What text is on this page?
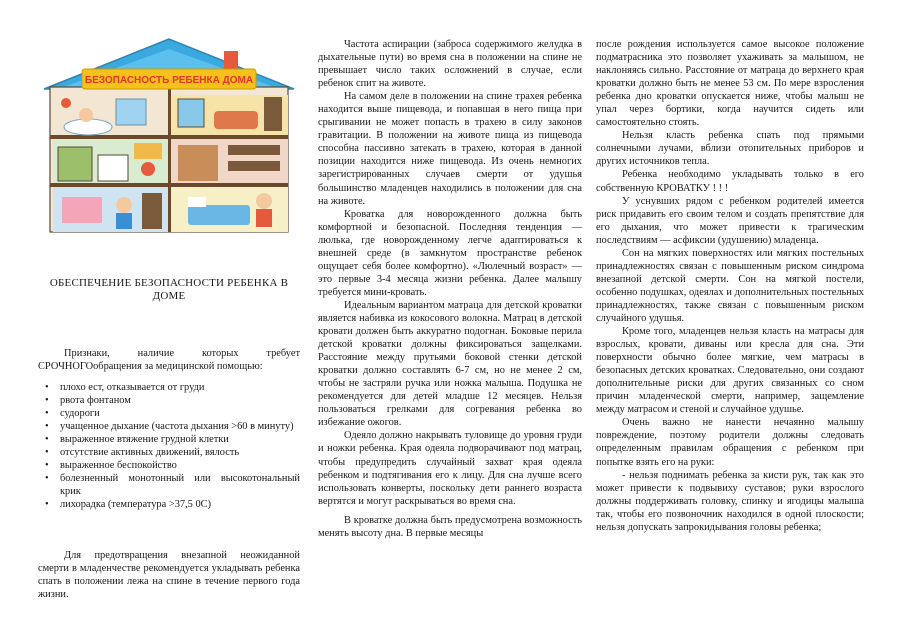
БЕЗОПАСНОСТЬ РЕБЕНКА ДОМА

ОБЕСПЕЧЕНИЕ БЕЗОПАСНОСТИ РЕБЕНКА В ДОМЕ

Признаки, наличие которых требует СРОЧНОГОобращения за медицинской помощью:

• плохо ест, отказывается от груди
• рвота фонтаном
• судороги
• учащенное дыхание (частота дыхания >60 в минуту)
• выраженное втяжение грудной клетки
• отсутствие активных движений, вялость
• выраженное беспокойство
• болезненный монотонный или высокотональный крик
• лихорадка (температура >37,5 0С)

Для предотвращения внезапной неожиданной смерти в младенчестве рекомендуется укладывать ребенка спать в положении лежа на спине в течение первого года жизни.

Частота аспирации (заброса содержимого желудка в дыхательные пути) во время сна в положении на спине не превышает число таких осложнений в случае, если ребенок спит на животе.

На самом деле в положении на спине трахея ребенка находится выше пищевода, и попавшая в него пища при срыгивании не может попасть в трахею в силу законов гравитации. В положении на животе пища из пищевода способна пассивно затекать в трахею, которая в данной позиции находится ниже пищевода. Из очень немногих зарегистрированных случаев смерти от удушья большинство младенцев находились в положении для сна на животе.

Кроватка для новорожденного должна быть комфортной и безопасной. Последняя тенденция — люлька, где новорожденному легче адаптироваться к внешней среде (в замкнутом пространстве ребенок ощущает себя более комфортно). «Люлечный возраст» — это первые 3-4 месяца жизни ребенка. Далее малышу требуется мини-кровать.

Идеальным вариантом матраца для детской кроватки является набивка из кокосового волокна. Матрац в детской кровати должен быть аккуратно подогнан. Боковые перила детской кроватки должны фиксироваться защелками. Расстояние между прутьями боковой стенки детской кроватки должно составлять 6-7 см, но не менее 2 см, чтобы не застряли ручка или ножка малыша. Подушка не рекомендуется для детей младше 12 месяцев. Нельзя пользоваться грелками для согревания ребенка во избежание ожогов.

Одеяло должно накрывать туловище до уровня груди и ножки ребенка. Края одеяла подворачивают под матрац, чтобы предупредить случайный захват края одеяла ребенком и подтягивания его к лицу. Для сна лучше всего использовать конверты, поскольку дети раннего возраста вертятся и могут раскрываться во время сна.

В кроватке должна быть предусмотрена возможность менять высоту дна. В первые месяцы

после рождения используется самое высокое положение подматрасника это позволяет ухаживать за малышом, не наклоняясь сильно. Расстояние от матраца до верхнего края кроватки должно быть не менее 53 см. По мере взросления ребенка дно кроватки опускается ниже, чтобы малыш не упал через бортики, когда научится сидеть или самостоятельно стоять.

Нельзя класть ребенка спать под прямыми солнечными лучами, вблизи отопительных приборов и других источников тепла.

Ребенка необходимо укладывать только в его собственную КРОВАТКУ ! ! !

У уснувших рядом с ребенком родителей имеется риск придавить его своим телом и создать препятствие для его дыхания, что может привести к трагическим последствиям — асфиксии (удушению) младенца.

Сон на мягких поверхностях или мягких постельных принадлежностях связан с повышенным риском синдрома внезапной детской смерти. Сон на мягкой постели, особенно подушках, одеялах и дополнительных постельных принадлежностях, также связан с повышенным риском случайного удушья.

Кроме того, младенцев нельзя класть на матрасы для взрослых, кровати, диваны или кресла для сна. Эти поверхности обычно более мягкие, чем матрасы в безопасных детских кроватках. Следовательно, они создают дополнительные риски для других связанных со сном причин младенческой смерти, например, защемление между матрасом и стеной и случайное удушье.

Очень важно не нанести нечаянно малышу повреждение, поэтому родители должны следовать определенным правилам обращения с ребенком при попытке взять его на руки:

- нельзя поднимать ребенка за кисти рук, так как это может привести к подвывиху суставов; руки взрослого должны поддерживать головку, спинку и ягодицы малыша так, чтобы его позвоночник находился в одной плоскости; нельзя допускать запрокидывания головы ребенка;
